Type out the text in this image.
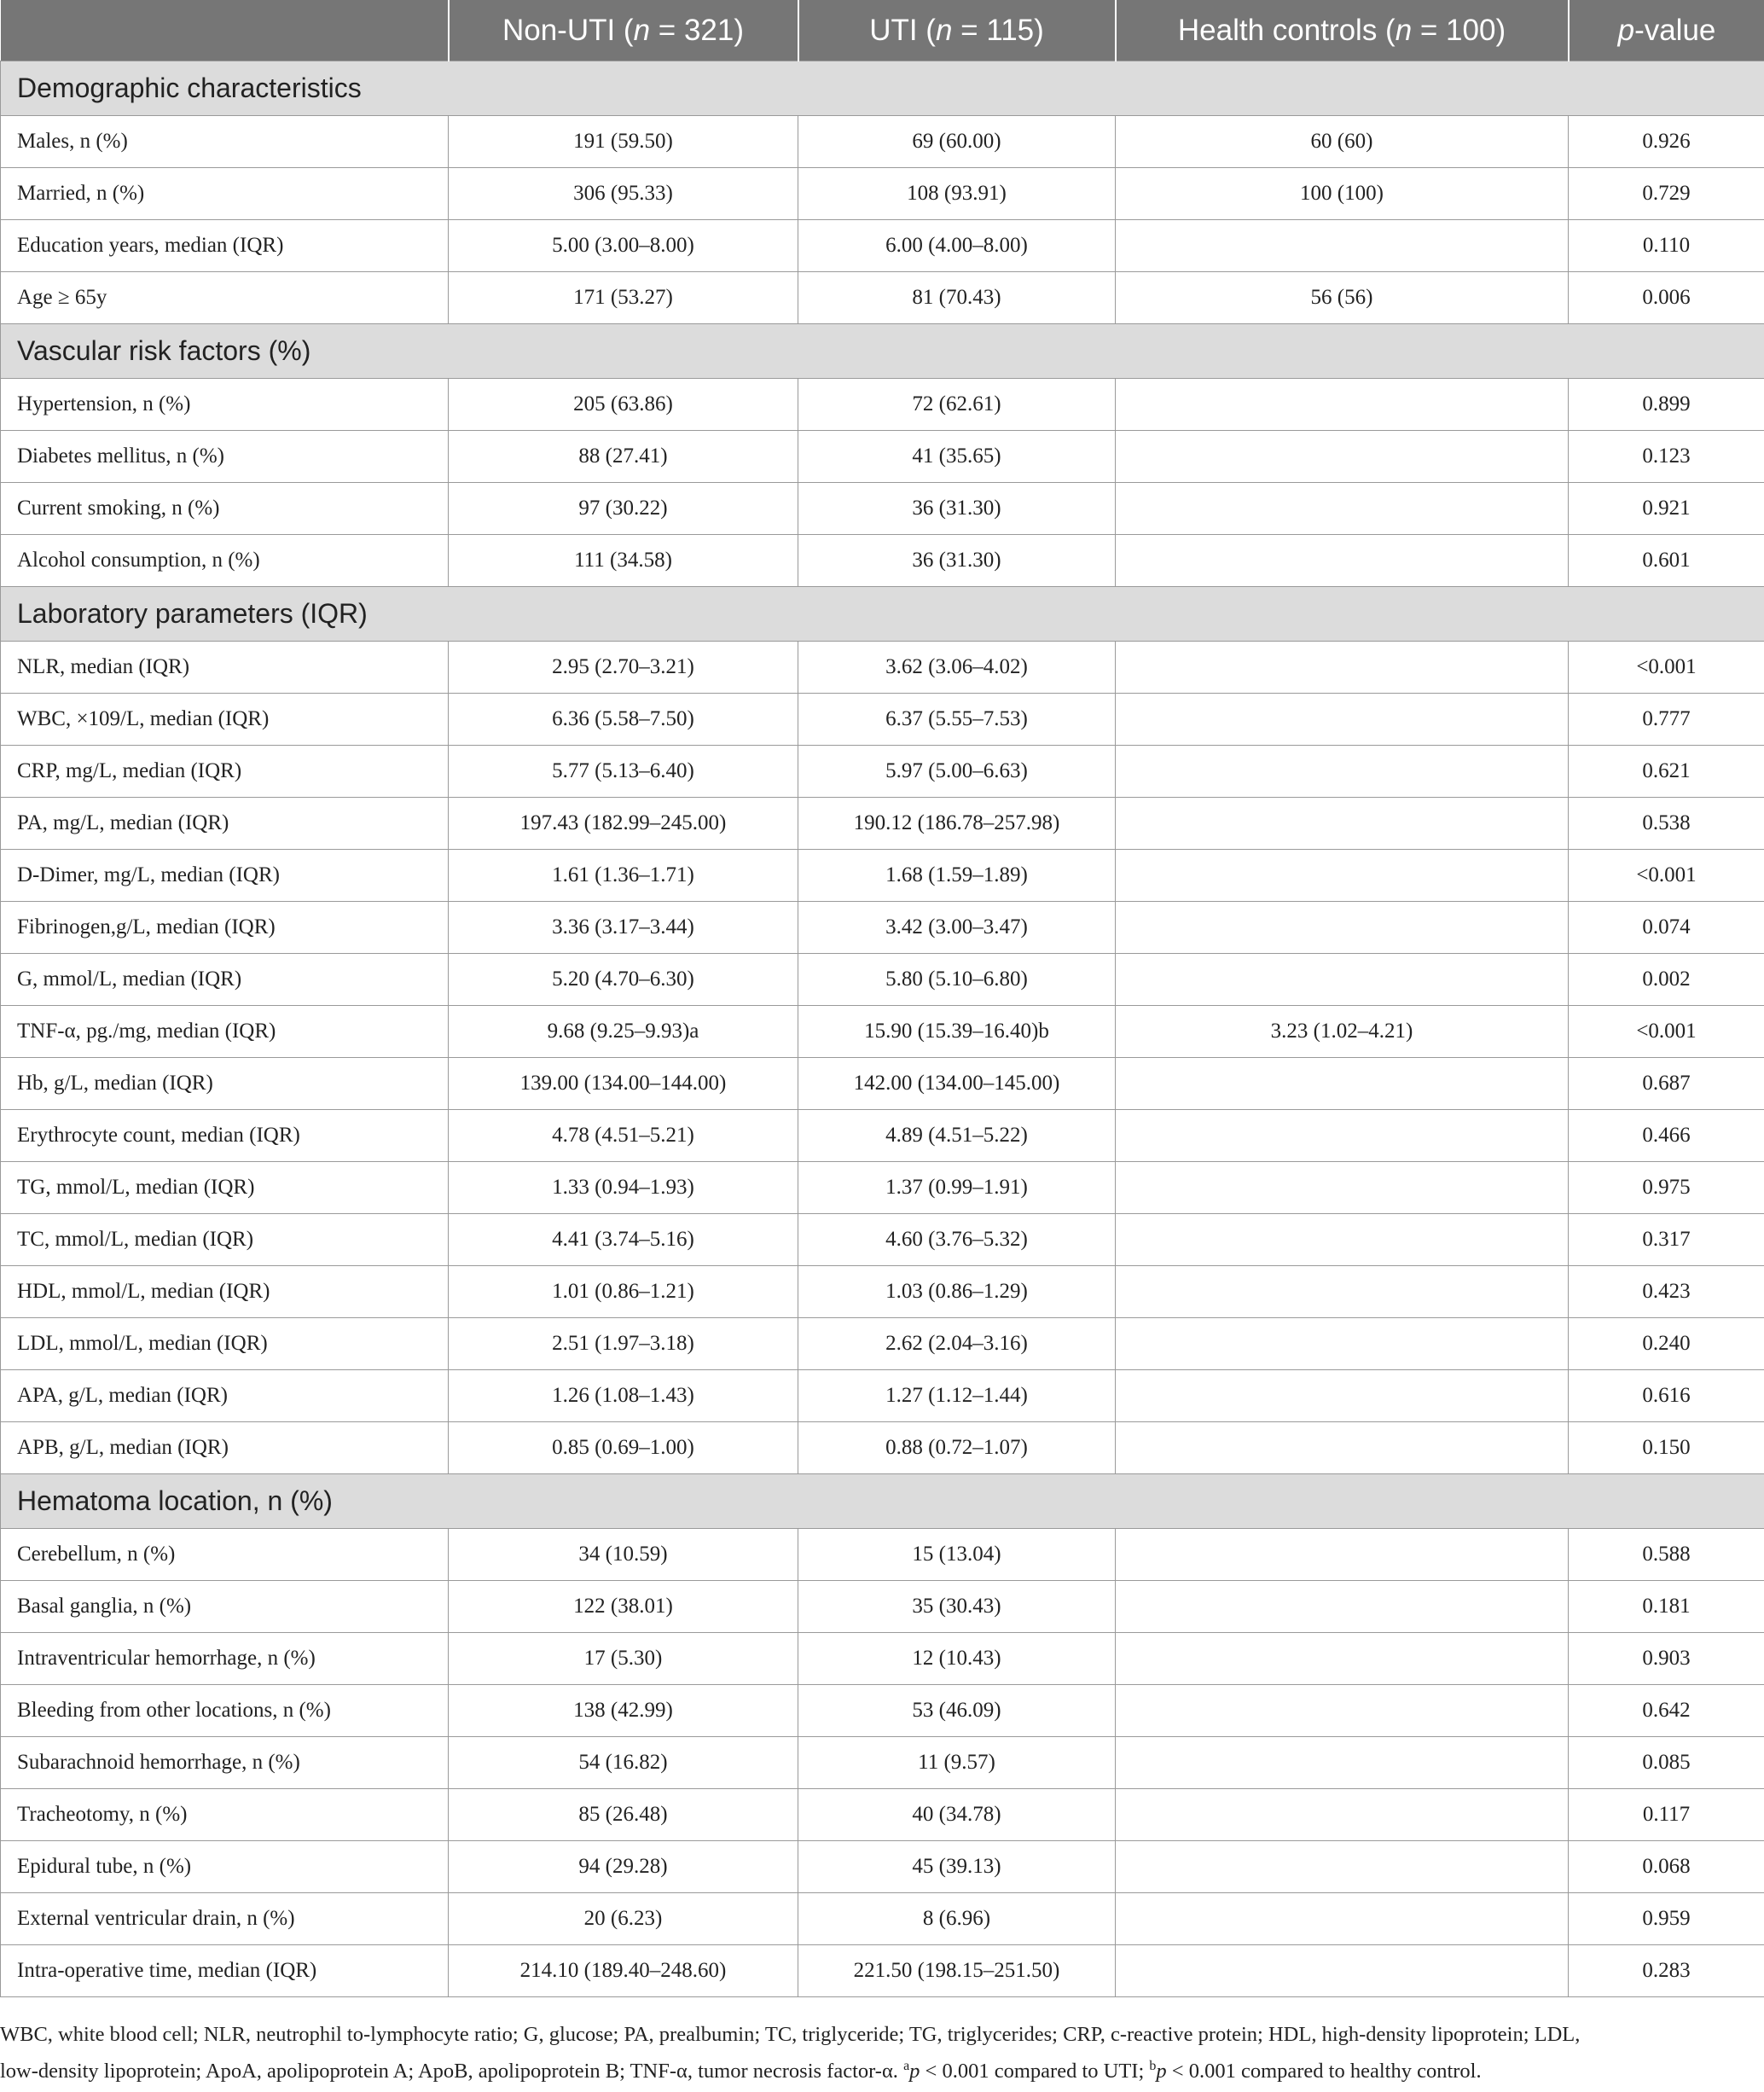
	Non-UTI (n = 321)	UTI (n = 115)	Health controls (n = 100)	p-value
Demographic characteristics				
Males, n (%)	191 (59.50)	69 (60.00)	60 (60)	0.926
Married, n (%)	306 (95.33)	108 (93.91)	100 (100)	0.729
Education years, median (IQR)	5.00 (3.00–8.00)	6.00 (4.00–8.00)		0.110
Age ≥ 65y	171 (53.27)	81 (70.43)	56 (56)	0.006
Vascular risk factors (%)				
Hypertension, n (%)	205 (63.86)	72 (62.61)		0.899
Diabetes mellitus, n (%)	88 (27.41)	41 (35.65)		0.123
Current smoking, n (%)	97 (30.22)	36 (31.30)		0.921
Alcohol consumption, n (%)	111 (34.58)	36 (31.30)		0.601
Laboratory parameters (IQR)				
NLR, median (IQR)	2.95 (2.70–3.21)	3.62 (3.06–4.02)		<0.001
WBC, ×109/L, median (IQR)	6.36 (5.58–7.50)	6.37 (5.55–7.53)		0.777
CRP, mg/L, median (IQR)	5.77 (5.13–6.40)	5.97 (5.00–6.63)		0.621
PA, mg/L, median (IQR)	197.43 (182.99–245.00)	190.12 (186.78–257.98)		0.538
D-Dimer, mg/L, median (IQR)	1.61 (1.36–1.71)	1.68 (1.59–1.89)		<0.001
Fibrinogen,g/L, median (IQR)	3.36 (3.17–3.44)	3.42 (3.00–3.47)		0.074
G, mmol/L, median (IQR)	5.20 (4.70–6.30)	5.80 (5.10–6.80)		0.002
TNF-α, pg./mg, median (IQR)	9.68 (9.25–9.93)a	15.90 (15.39–16.40)b	3.23 (1.02–4.21)	<0.001
Hb, g/L, median (IQR)	139.00 (134.00–144.00)	142.00 (134.00–145.00)		0.687
Erythrocyte count, median (IQR)	4.78 (4.51–5.21)	4.89 (4.51–5.22)		0.466
TG, mmol/L, median (IQR)	1.33 (0.94–1.93)	1.37 (0.99–1.91)		0.975
TC, mmol/L, median (IQR)	4.41 (3.74–5.16)	4.60 (3.76–5.32)		0.317
HDL, mmol/L, median (IQR)	1.01 (0.86–1.21)	1.03 (0.86–1.29)		0.423
LDL, mmol/L, median (IQR)	2.51 (1.97–3.18)	2.62 (2.04–3.16)		0.240
APA, g/L, median (IQR)	1.26 (1.08–1.43)	1.27 (1.12–1.44)		0.616
APB, g/L, median (IQR)	0.85 (0.69–1.00)	0.88 (0.72–1.07)		0.150
Hematoma location, n (%)				
Cerebellum, n (%)	34 (10.59)	15 (13.04)		0.588
Basal ganglia, n (%)	122 (38.01)	35 (30.43)		0.181
Intraventricular hemorrhage, n (%)	17 (5.30)	12 (10.43)		0.903
Bleeding from other locations, n (%)	138 (42.99)	53 (46.09)		0.642
Subarachnoid hemorrhage, n (%)	54 (16.82)	11 (9.57)		0.085
Tracheotomy, n (%)	85 (26.48)	40 (34.78)		0.117
Epidural tube, n (%)	94 (29.28)	45 (39.13)		0.068
External ventricular drain, n (%)	20 (6.23)	8 (6.96)		0.959
Intra-operative time, median (IQR)	214.10 (189.40–248.60)	221.50 (198.15–251.50)		0.283

WBC, white blood cell; NLR, neutrophil to-lymphocyte ratio; G, glucose; PA, prealbumin; TC, triglyceride; TG, triglycerides; CRP, c-reactive protein; HDL, high-density lipoprotein; LDL,

low-density lipoprotein; ApoA, apolipoprotein A; ApoB, apolipoprotein B; TNF-α, tumor necrosis factor-α. $^a$p < 0.001 compared to UTI; $^b$p < 0.001 compared to healthy control.
